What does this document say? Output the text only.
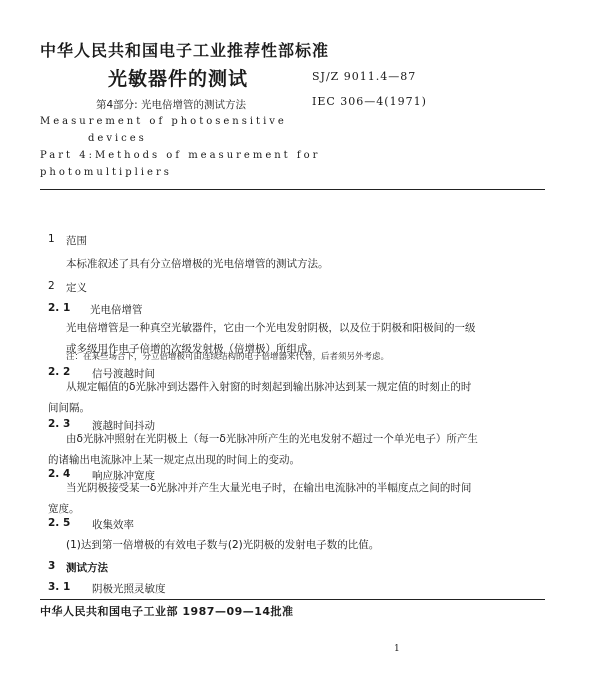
中华人民共和国电子工业推荐性部标准
光敏器件的测试	SJ/Z 9011.4—87
IEC 306—4(1971)
第4部分: 光电倍增管的测试方法
Measurement of photosensitive
devices
Part 4:Methods of measurement for
photomultipliers
1 范围
本标准叙述了具有分立倍增极的光电倍增管的测试方法。
2 定义
2. 1 光电倍增管
光电倍增管是一种真空光敏器件，它由一个光电发射阴极，以及位于阴极和阳极间的一级或多级用作电子倍增的次级发射极（倍增极）所组成。
注：在某些场合下，分立倍增极可由连续结构的电子倍增器来代替，后者须另外考虑。
2. 2 信号渡越时间
从规定幅值的δ光脉冲到达器件入射窗的时刻起到输出脉冲达到某一规定值的时刻止的时间间隔。
2. 3 渡越时间抖动
由δ光脉冲照射在光阴极上（每一δ光脉冲所产生的光电发射不超过一个单光电子）所产生的诸输出电流脉冲上某一规定点出现的时间上的变动。
2. 4 响应脉冲宽度
当光阴极接受某一δ光脉冲并产生大量光电子时，在输出电流脉冲的半幅度点之间的时间宽度。
2. 5 收集效率
(1)达到第一倍增极的有效电子数与(2)光阴极的发射电子数的比值。
3 测试方法
3. 1 阴极光照灵敏度
中华人民共和国电子工业部 1987—09—14批准
1
